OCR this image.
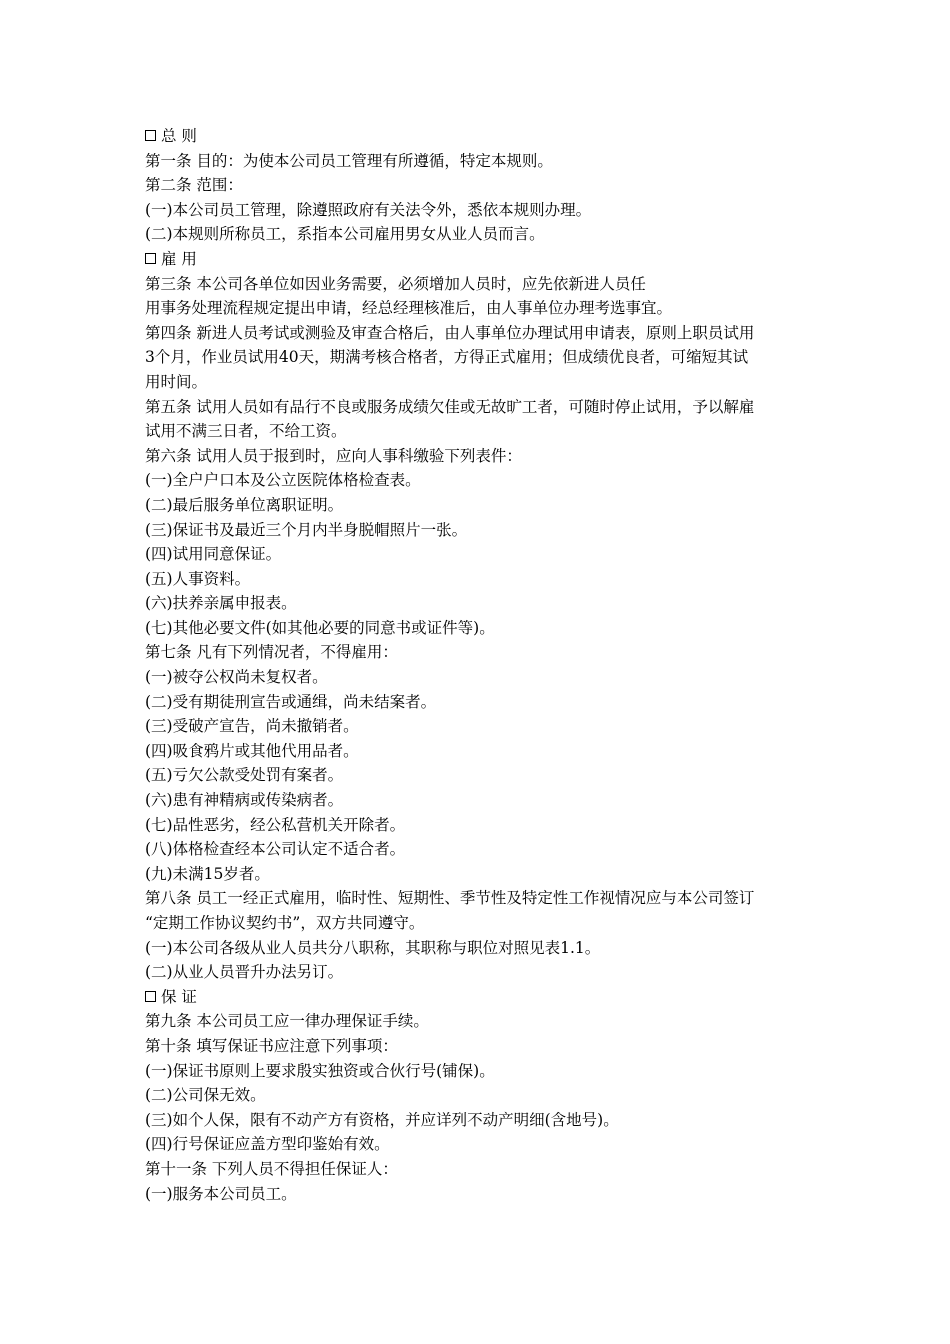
总 则
第一条 目的：为使本公司员工管理有所遵循，特定本规则。
第二条 范围：
(一)本公司员工管理，除遵照政府有关法令外，悉依本规则办理。
(二)本规则所称员工，系指本公司雇用男女从业人员而言。
雇 用
第三条 本公司各单位如因业务需要，必须增加人员时，应先依新进人员任
用事务处理流程规定提出申请，经总经理核准后，由人事单位办理考选事宜。
第四条 新进人员考试或测验及审查合格后，由人事单位办理试用申请表，原则上职员试用
3个月，作业员试用40天，期满考核合格者，方得正式雇用；但成绩优良者，可缩短其试
用时间。
第五条 试用人员如有品行不良或服务成绩欠佳或无故旷工者，可随时停止试用，予以解雇
试用不满三日者，不给工资。
第六条 试用人员于报到时，应向人事科缴验下列表件：
(一)全户户口本及公立医院体格检查表。
(二)最后服务单位离职证明。
(三)保证书及最近三个月内半身脱帽照片一张。
(四)试用同意保证。
(五)人事资料。
(六)扶养亲属申报表。
(七)其他必要文件(如其他必要的同意书或证件等)。
第七条 凡有下列情况者，不得雇用：
(一)被夺公权尚未复权者。
(二)受有期徒刑宣告或通缉，尚未结案者。
(三)受破产宣告，尚未撤销者。
(四)吸食鸦片或其他代用品者。
(五)亏欠公款受处罚有案者。
(六)患有神精病或传染病者。
(七)品性恶劣，经公私营机关开除者。
(八)体格检查经本公司认定不适合者。
(九)未满15岁者。
第八条 员工一经正式雇用，临时性、短期性、季节性及特定性工作视情况应与本公司签订
“定期工作协议契约书”，双方共同遵守。
(一)本公司各级从业人员共分八职称，其职称与职位对照见表1.1。
(二)从业人员晋升办法另订。
保 证
第九条 本公司员工应一律办理保证手续。
第十条 填写保证书应注意下列事项：
(一)保证书原则上要求殷实独资或合伙行号(铺保)。
(二)公司保无效。
(三)如个人保，限有不动产方有资格，并应详列不动产明细(含地号)。
(四)行号保证应盖方型印鉴始有效。
第十一条 下列人员不得担任保证人：
(一)服务本公司员工。
